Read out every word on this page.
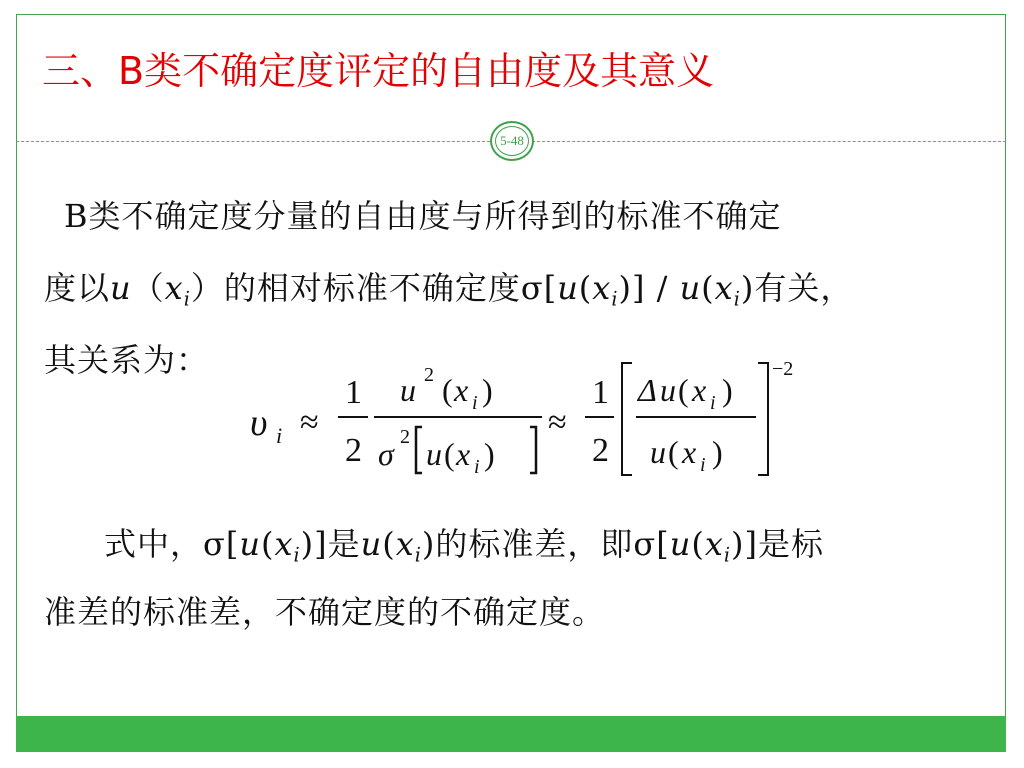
三、B类不确定度评定的自由度及其意义
5-48
B类不确定度分量的自由度与所得到的标准不确定
度以$u(x_i)$的相对标准不确定度$\sigma[u(x_i)] / u(x_i)$有关，
其关系为：
υ i ≈
1
2
u 2 ( x i )
σ 2 u ( x i )
≈
1
2
Δ u ( x i )
u ( x i )
−2
式中，$\sigma[u(x_i)]$是$u(x_i)$的标准差，即$\sigma[u(x_i)]$是标
准差的标准差，不确定度的不确定度。
